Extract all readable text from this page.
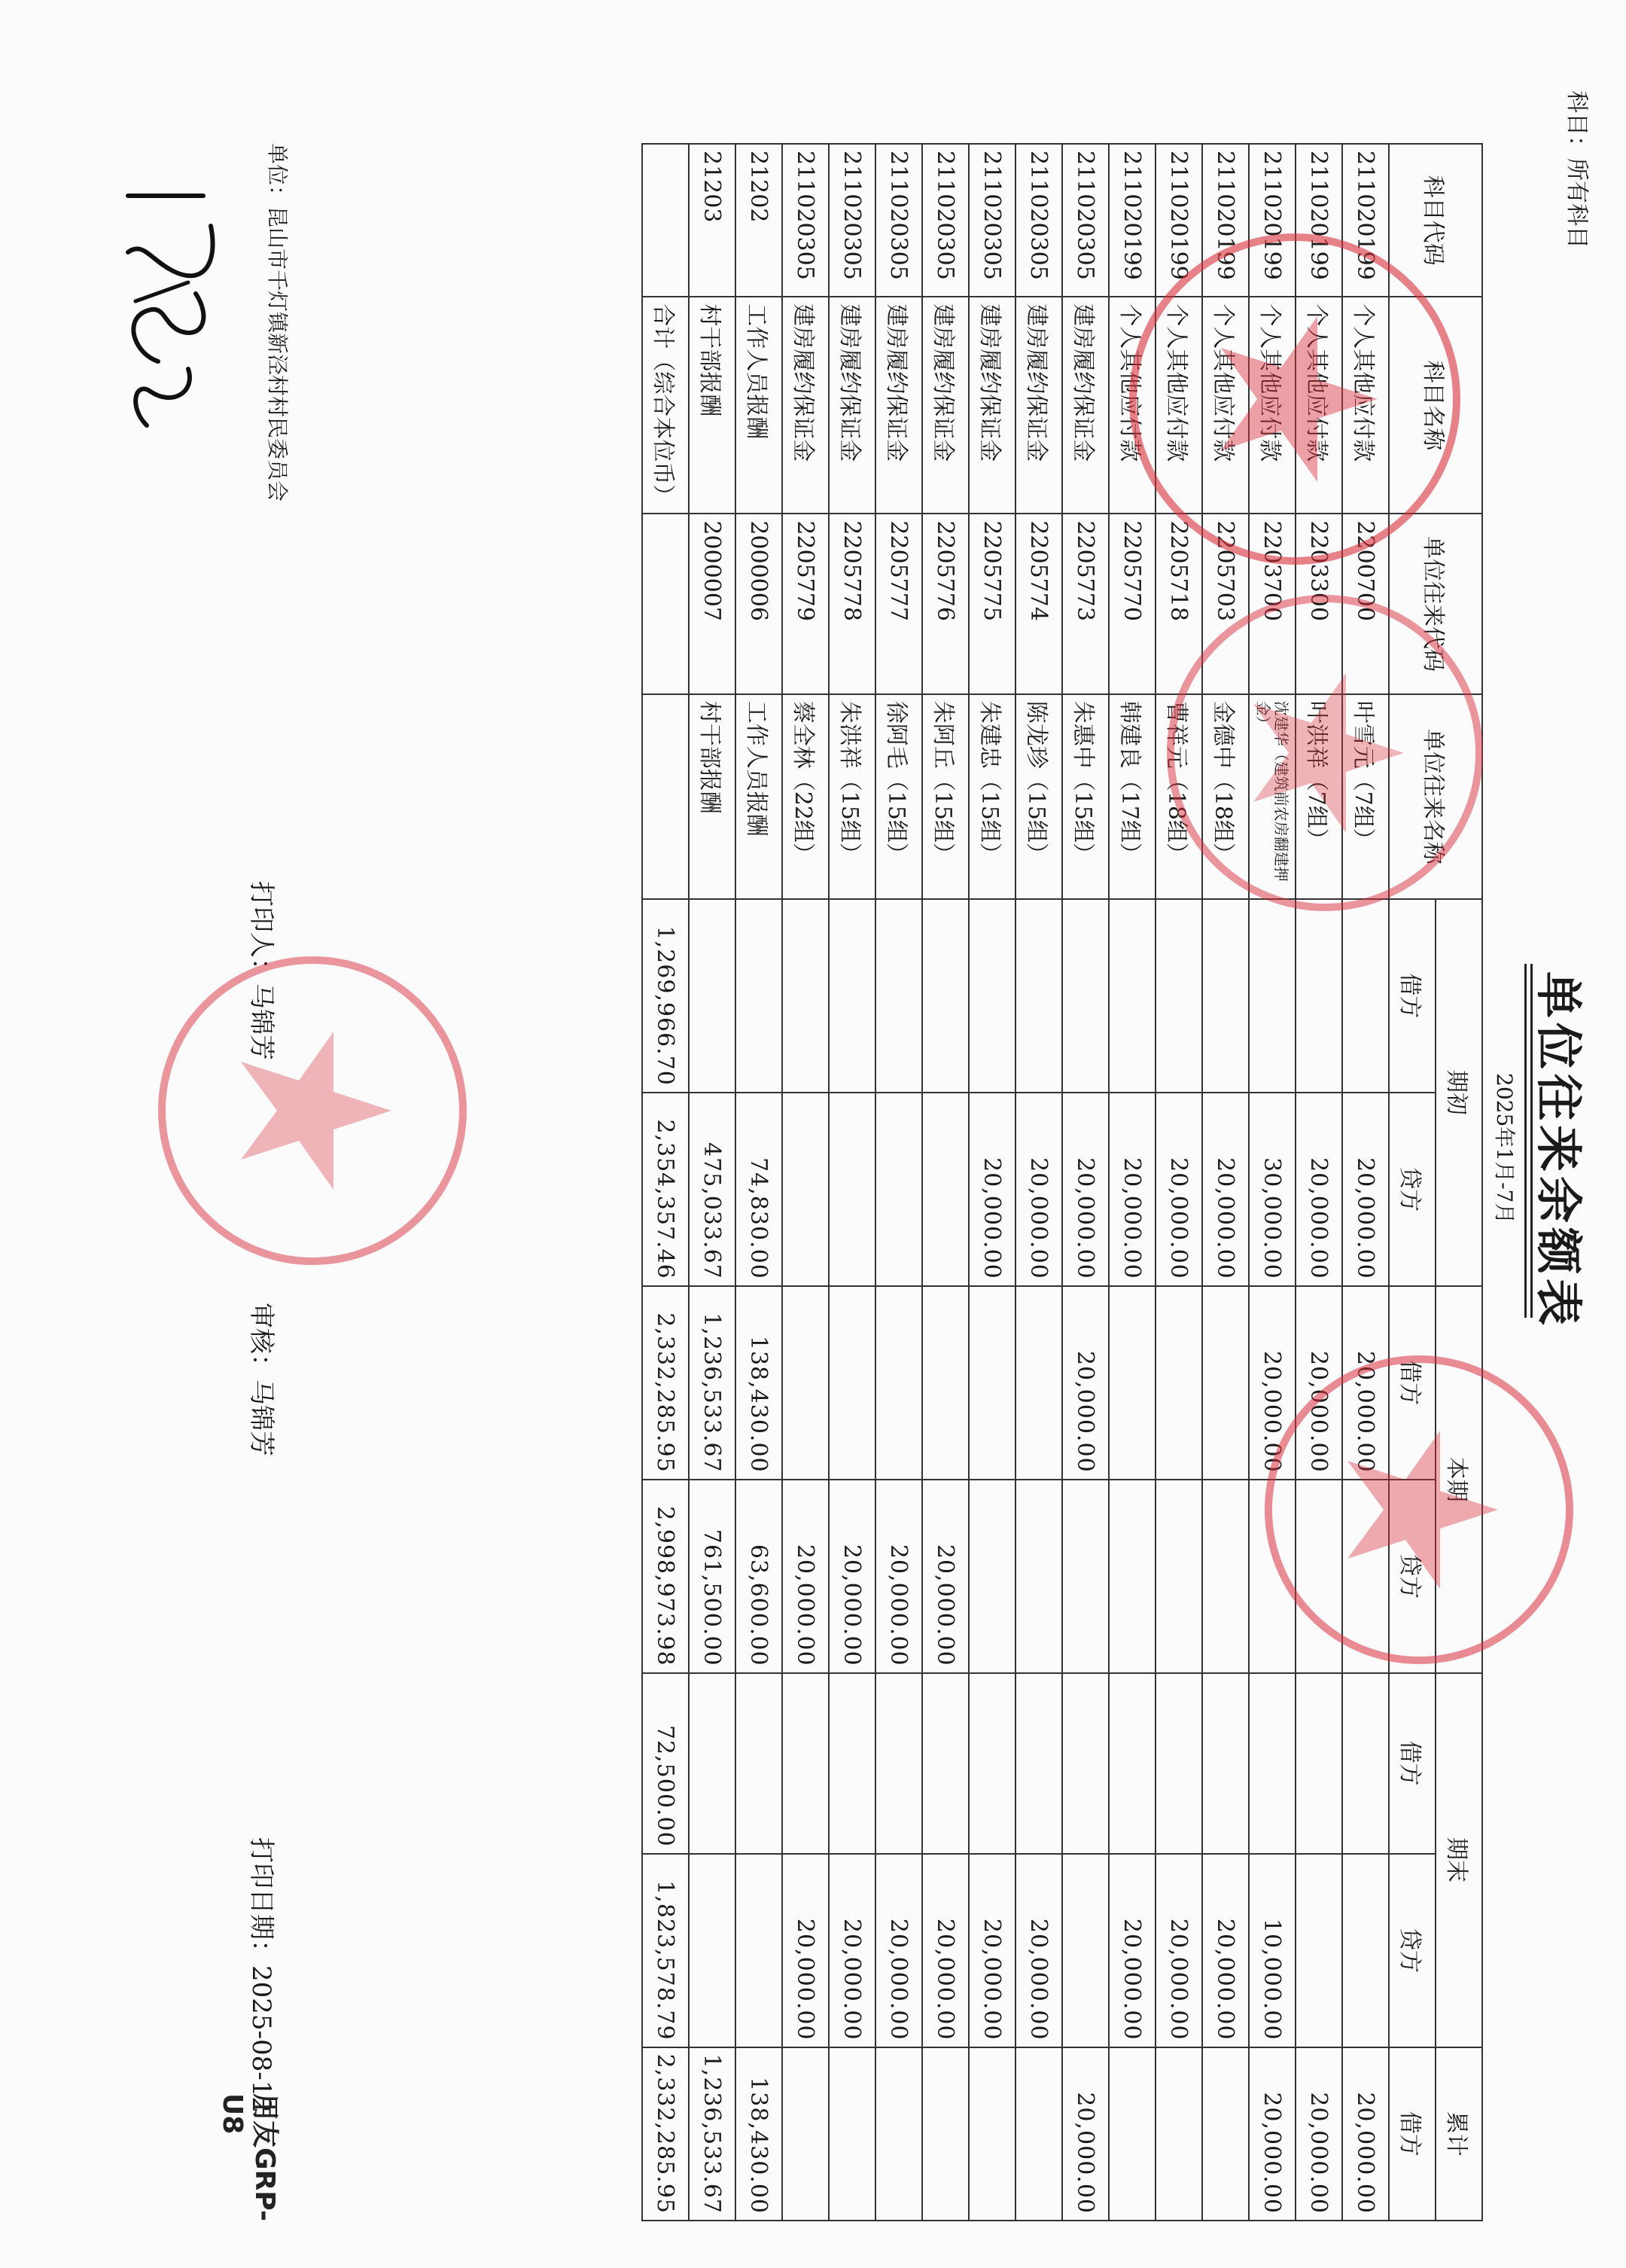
科目：所有科目
单位往来余额表
2025年1月-7月
科目代码	科目名称	单位往来代码	单位往来名称	期初		本期		期末		累计
				借方	贷方	借方	贷方	借方	贷方	借方
211020199	个人其他应付款	2200700	叶雪元（7组）		20,000.00	20,000.00				20,000.00
211020199	个人其他应付款	2203300	叶洪祥（7组）		20,000.00	20,000.00				20,000.00
211020199	个人其他应付款	2203700	沈建华（建筑前农房翻建押金）		30,000.00	20,000.00			10,000.00	20,000.00
211020199	个人其他应付款	2205703	金德中（18组）		20,000.00				20,000.00	
211020199	个人其他应付款	2205718	曹祥元（18组）		20,000.00				20,000.00	
211020199	个人其他应付款	2205770	韩建良（17组）		20,000.00				20,000.00	
211020305	建房履约保证金	2205773	朱惠中（15组）		20,000.00	20,000.00				20,000.00
211020305	建房履约保证金	2205774	陈龙珍（15组）		20,000.00				20,000.00	
211020305	建房履约保证金	2205775	朱建忠（15组）		20,000.00				20,000.00	
211020305	建房履约保证金	2205776	朱阿丘（15组）				20,000.00		20,000.00	
211020305	建房履约保证金	2205777	徐阿毛（15组）				20,000.00		20,000.00	
211020305	建房履约保证金	2205778	朱洪祥（15组）				20,000.00		20,000.00	
211020305	建房履约保证金	2205779	蔡全林（22组）				20,000.00		20,000.00	
21202	工作人员报酬	2000006	工作人员报酬		74,830.00	138,430.00	63,600.00			138,430.00
21203	村干部报酬	2000007	村干部报酬		475,033.67	1,236,533.67	761,500.00			1,236,533.67
	合计（综合本位币）			1,269,966.70	2,354,357.46	2,332,285.95	2,998,973.98	72,500.00	1,823,578.79	2,332,285.95
单位：昆山市千灯镇新泾村村民委员会
打印人：马锦芳
审核：马锦芳
打印日期：2025-08-12
用友GRP-U8
